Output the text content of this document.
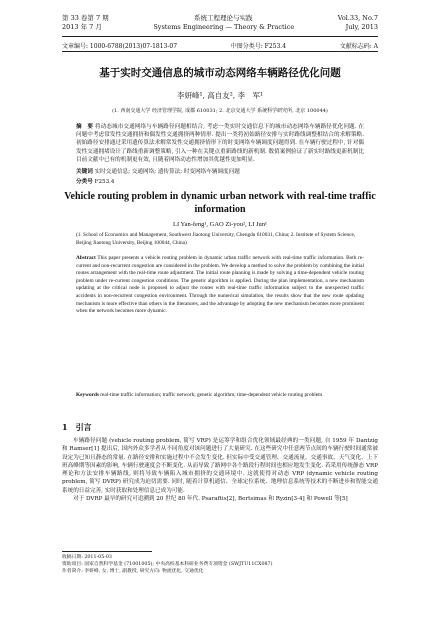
第 33 卷第 7 期	系统工程理论与实践	Vol.33, No.7
2013 年 7 月	Systems Engineering — Theory & Practice	July, 2013
文章编号: 1000-6788(2013)07-1813-07	中图分类号: F253.4	文献标志码: A
基于实时交通信息的城市动态网络车辆路径优化问题
李妍峰¹, 高自友², 李　军¹
(1. 西南交通大学 经济管理学院, 成都 610031; 2. 北京交通大学 系统科学研究所, 北京 100044)
摘　要 将动态城市交通网络与车辆路径问题相结合, 考虑一类实时交通信息下的城市动态网络车辆路径优化问题. 在问题中考虑常发性交通拥挤和偶发性交通拥挤两种情形. 提出一类将初始路径安排与实时路线调整相结合的求解策略. 初始路径安排通过采用遗传算法求解常发性交通拥挤情形下的时变网络车辆调度问题得到. 在车辆行驶过程中, 针对偶发性交通拥堵设计了路线重新调整策略, 引入一种在关键点重新路线的新机制. 数值案例验证了新实时路线更新机制比目前文献中已有的机制更有效, 且随着网络动态性增加其优越性更加明显.
关键词 实时交通信息; 交通网络; 遗传算法; 时变网络车辆调度问题
分类号 F253.4
Vehicle routing problem in dynamic urban network with real-time traffic information
LI Yan-feng¹, GAO Zi-you², LI Jun¹
(1. School of Economics and Management, Southwest Jiaotong University, Chengdu 610031, China; 2. Institute of System Science, Beijing Jiaotong University, Beijing 100044, China)
Abstract This paper presents a vehicle routing problem in dynamic urban traffic network with real-time traffic information. Both re-current and non-recurrent congestion are considered in the problem. We develop a method to solve the problem by combining the initial routes arrangement with the real-time route adjustment. The initial route planning is made by solving a time-dependent vehicle routing problem under re-current congestion conditions. The genetic algorithm is applied. During the plan implementation, a new mechanism updating at the critical node is proposed to adjust the routes with real-time traffic information subject to the unexpected traffic accidents in non-recurrent congestion environment. Through the numerical simulation, the results show that the new route updating mechanism is more effective than others in the literatures, and the advantage by adopting the new mechanism becomes more prominent when the network becomes more dynamic.
Keywords real-time traffic information; traffic network; genetic algorithm; time-dependent vehicle routing problem
1　引言
车辆路径问题 (vehicle routing problem, 简写 VRP) 是运筹学和组合优化领域最经典的一类问题, 自 1959 年 Dantzig 和 Ramser[1] 提出后, 国内外众多学者从不同角度对该问题进行了大量研究. 在这些研究中任意两节点间的车辆行驶时间通常被设定为已知且静态的常量. 在路径安排和实施过程中不会发生变化. 但实际中受交通管理、交通流量、交通事故、天气变化、上下班高峰期等因素的影响, 车辆行驶速度会不断变化. 从而导致了路网中各个路段行程时间也相应地发生变化. 若采用传统静态 VRP 理论和方法安排车辆路线, 则将导致车辆陷入城市拥挤的交通环境中. 这就使得对动态 VRP (dynamic vehicle routing problem, 简写 DVRP) 研究成为迫切需要. 同时, 随着计算机通信、全球定位系统、地理信息系统等技术的不断进步和智能交通系统的日益完善, 实时获取和处理信息已成为可能.
对于 DVRP 最早的研究可追溯到 20 世纪 80 年代. Psaraftis[2], Bertsimas 和 Ryzin[3-4] 和 Powell 等[5]
收稿日期: 2011-05-03
资助项目: 国家自然科学基金 (71001005); 中央高校基本科研业务费专项资金 (SWJTU11CX087)
作者简介: 李妍峰, 女, 博士, 副教授, 研究方向: 物流优化, 交通优化
